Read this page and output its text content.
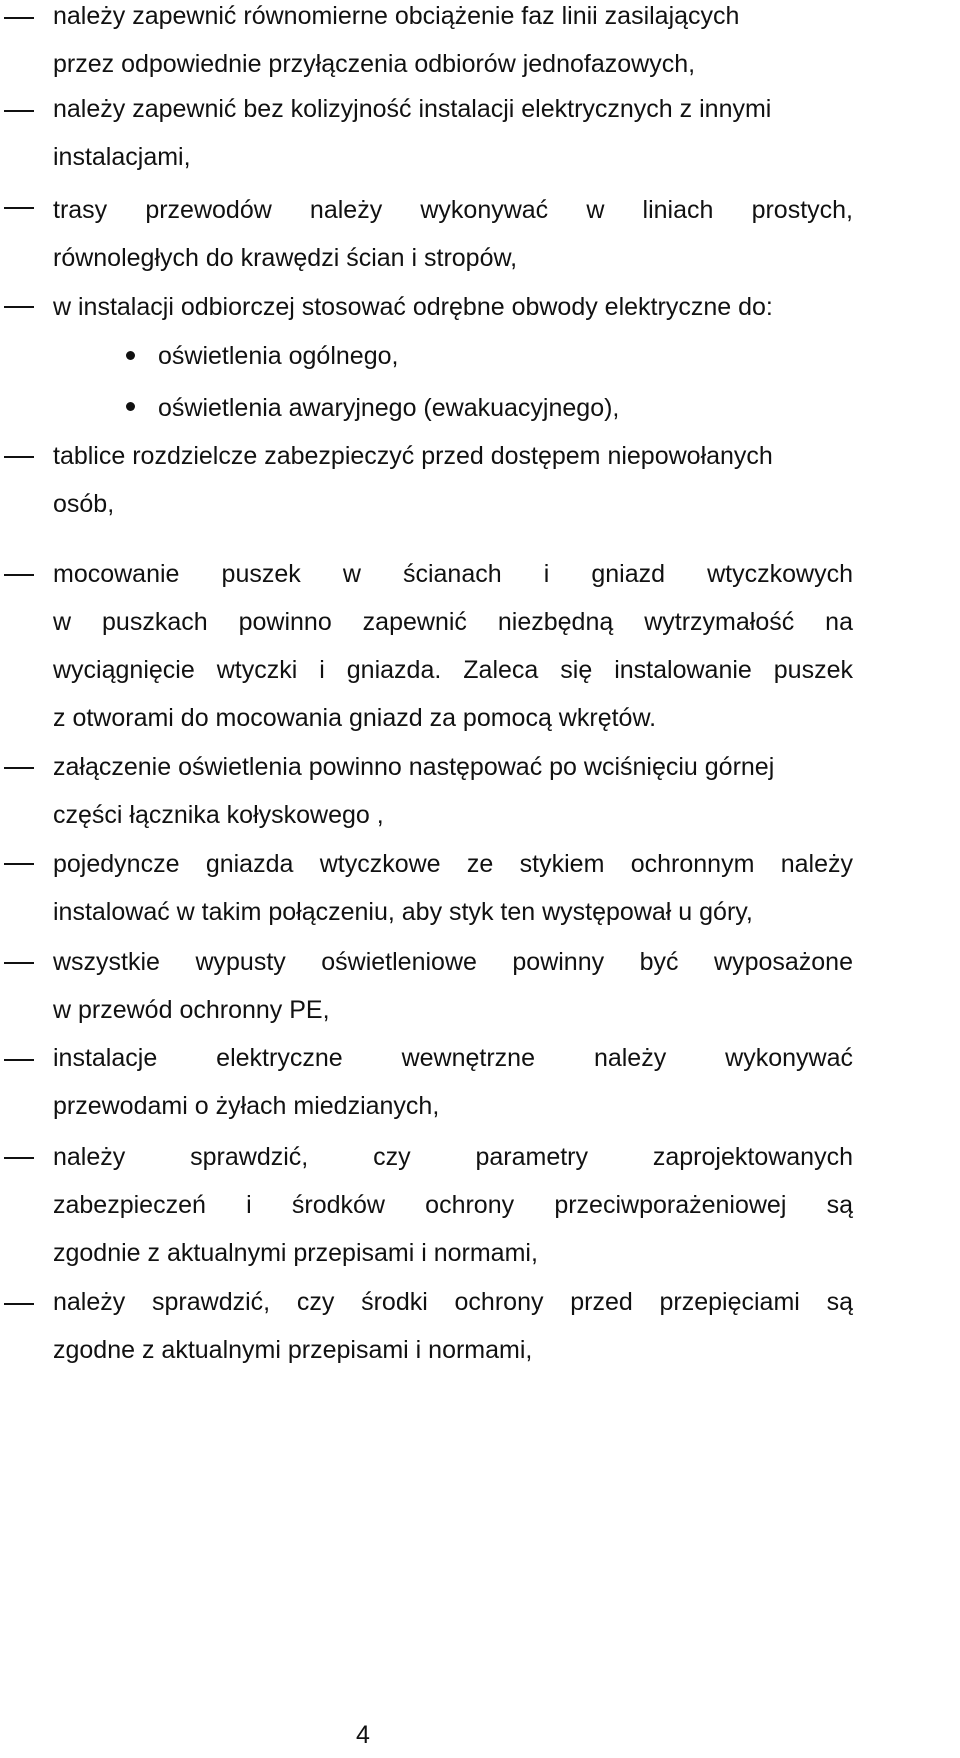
należy zapewnić równomierne obciążenie faz linii zasilających
przez odpowiednie przyłączenia odbiorów jednofazowych,
należy zapewnić bez kolizyjność instalacji elektrycznych z innymi
instalacjami,
trasy przewodów należy wykonywać w liniach prostych,
równoległych do krawędzi ścian i stropów,
w instalacji odbiorczej stosować odrębne obwody elektryczne do:
oświetlenia ogólnego,
oświetlenia awaryjnego (ewakuacyjnego),
tablice rozdzielcze zabezpieczyć przed dostępem niepowołanych
osób,
mocowanie puszek w ścianach i gniazd wtyczkowych
w puszkach powinno zapewnić niezbędną wytrzymałość na
wyciągnięcie wtyczki i gniazda. Zaleca się instalowanie puszek
z otworami do mocowania gniazd za pomocą wkrętów.
załączenie oświetlenia powinno następować po wciśnięciu górnej
części łącznika kołyskowego ,
pojedyncze gniazda wtyczkowe ze stykiem ochronnym należy
instalować w takim połączeniu, aby styk ten występował u góry,
wszystkie wypusty oświetleniowe powinny być wyposażone
w przewód ochronny PE,
instalacje elektryczne wewnętrzne należy wykonywać
przewodami o żyłach miedzianych,
należy sprawdzić, czy parametry zaprojektowanych
zabezpieczeń i środków ochrony przeciwporażeniowej są
zgodnie z aktualnymi przepisami i normami,
należy sprawdzić, czy środki ochrony przed przepięciami są
zgodne z aktualnymi przepisami i normami,
4
